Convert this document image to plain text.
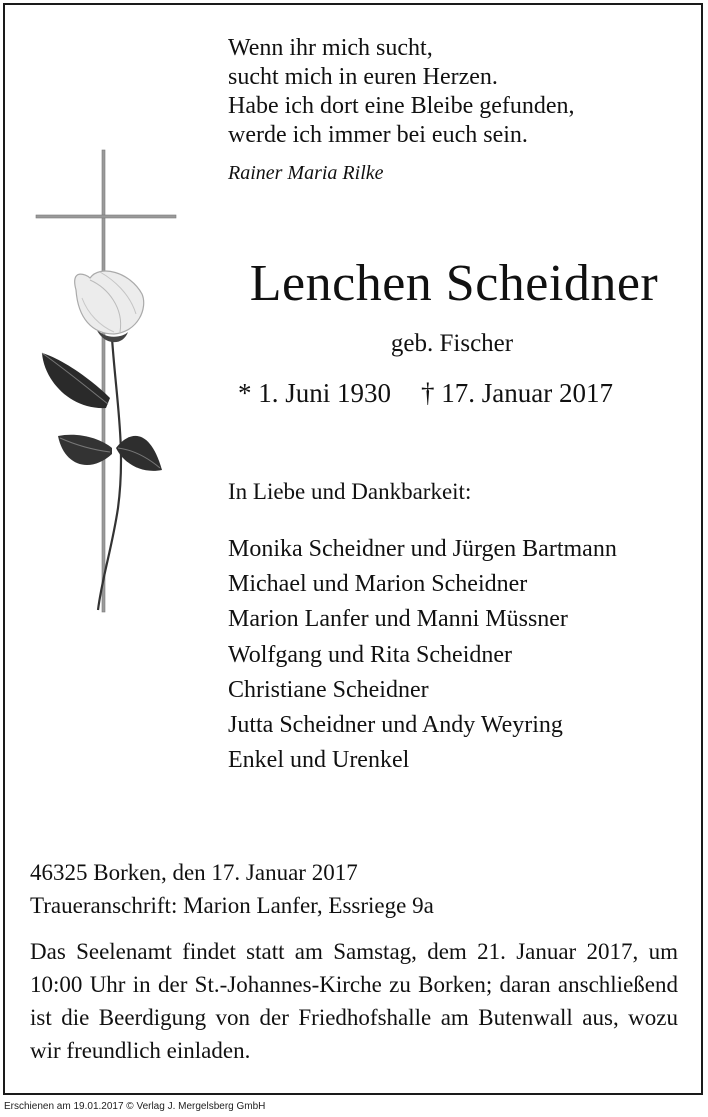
Wenn ihr mich sucht,
sucht mich in euren Herzen.
Habe ich dort eine Bleibe gefunden,
werde ich immer bei euch sein.
Rainer Maria Rilke
Lenchen Scheidner
geb. Fischer
* 1. Juni 1930 † 17. Januar 2017
In Liebe und Dankbarkeit:
Monika Scheidner und Jürgen Bartmann
Michael und Marion Scheidner
Marion Lanfer und Manni Müssner
Wolfgang und Rita Scheidner
Christiane Scheidner
Jutta Scheidner und Andy Weyring
Enkel und Urenkel
46325 Borken, den 17. Januar 2017
Traueranschrift: Marion Lanfer, Essriege 9a
Das Seelenamt findet statt am Samstag, dem 21. Januar 2017, um 10:00 Uhr in der St.-Johannes-Kirche zu Borken; daran anschließend ist die Beerdigung von der Friedhofshalle am Butenwall aus, wozu wir freundlich einladen.
Erschienen am 19.01.2017 © Verlag J. Mergelsberg GmbH
